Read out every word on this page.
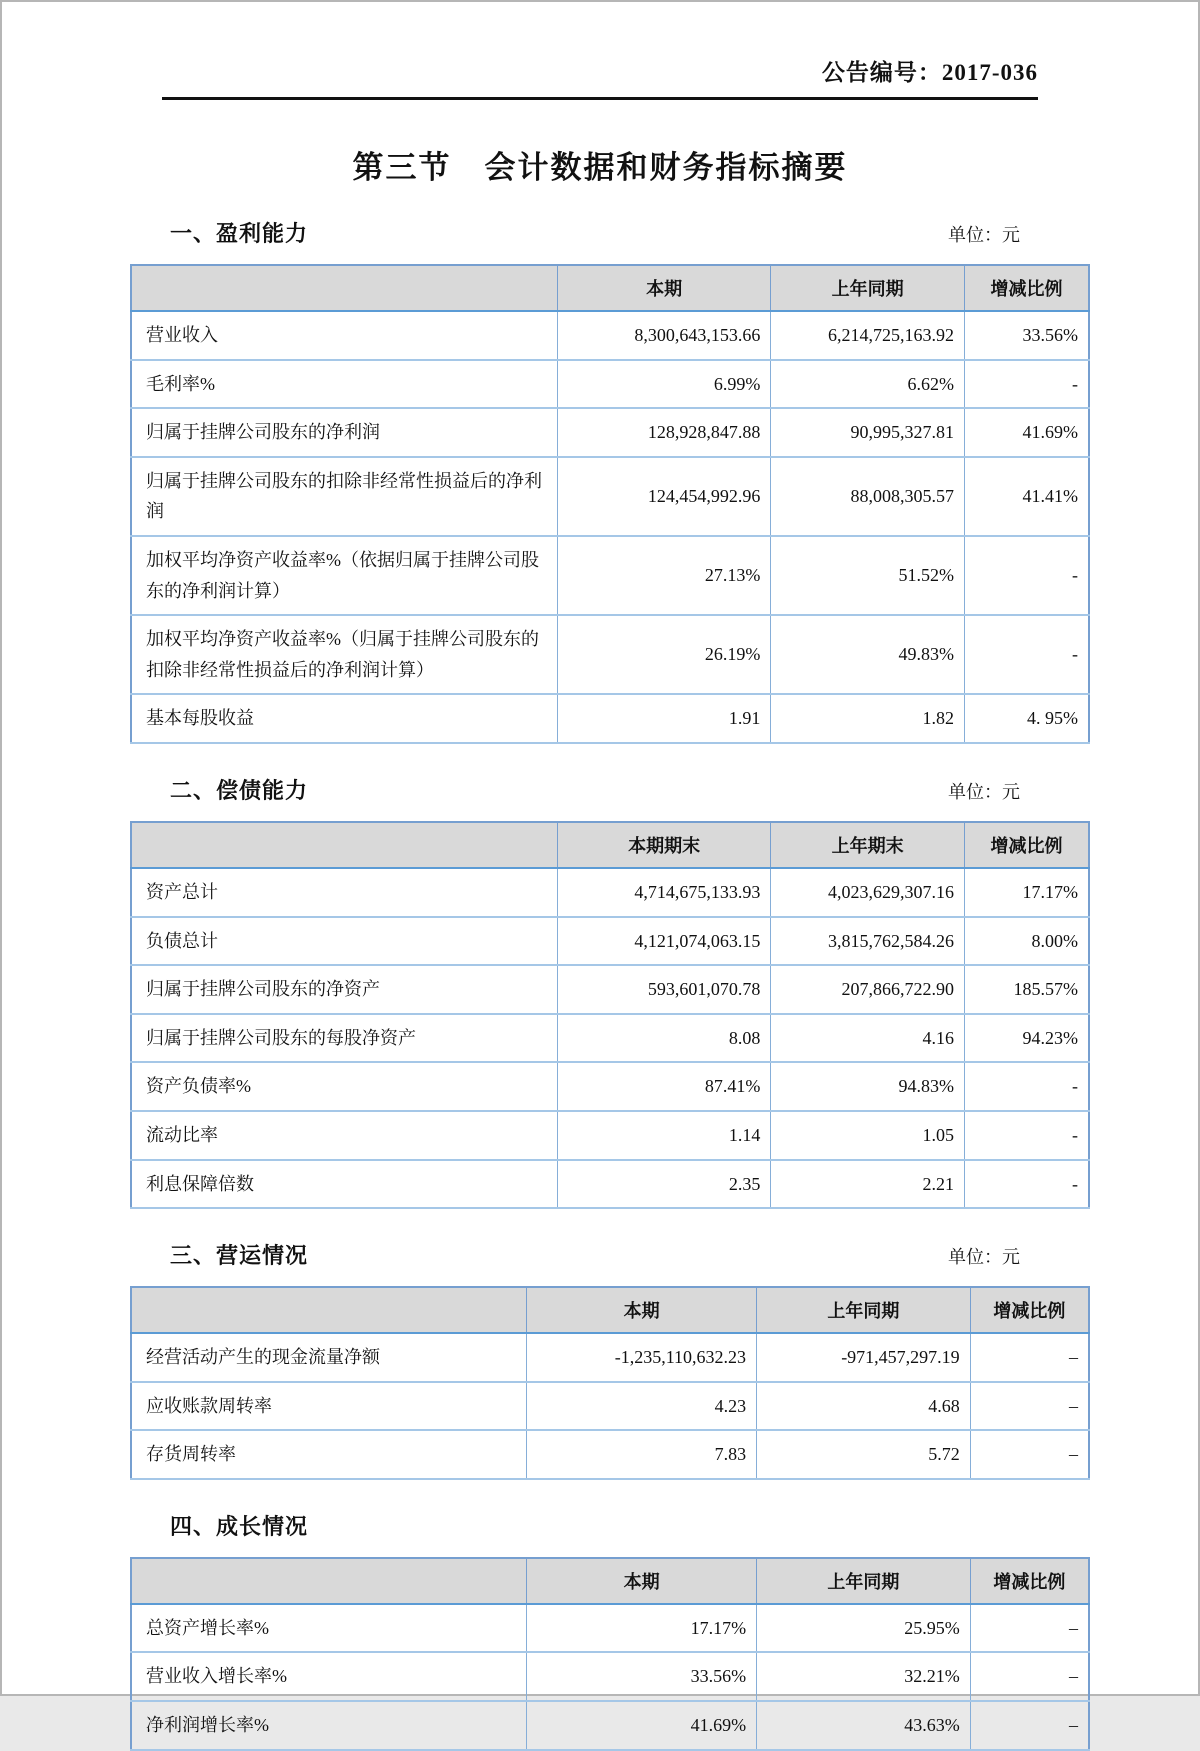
公告编号：2017-036
第三节　会计数据和财务指标摘要
一、盈利能力	单位：元
	本期	上年同期	增减比例
营业收入	8,300,643,153.66	6,214,725,163.92	33.56%
毛利率%	6.99%	6.62%	-
归属于挂牌公司股东的净利润	128,928,847.88	90,995,327.81	41.69%
归属于挂牌公司股东的扣除非经常性损益后的净利润	124,454,992.96	88,008,305.57	41.41%
加权平均净资产收益率%（依据归属于挂牌公司股东的净利润计算）	27.13%	51.52%	-
加权平均净资产收益率%（归属于挂牌公司股东的扣除非经常性损益后的净利润计算）	26.19%	49.83%	-
基本每股收益	1.91	1.82	4. 95%
二、偿债能力	单位：元
	本期期末	上年期末	增减比例
资产总计	4,714,675,133.93	4,023,629,307.16	17.17%
负债总计	4,121,074,063.15	3,815,762,584.26	8.00%
归属于挂牌公司股东的净资产	593,601,070.78	207,866,722.90	185.57%
归属于挂牌公司股东的每股净资产	8.08	4.16	94.23%
资产负债率%	87.41%	94.83%	-
流动比率	1.14	1.05	-
利息保障倍数	2.35	2.21	-
三、营运情况	单位：元
	本期	上年同期	增减比例
经营活动产生的现金流量净额	-1,235,110,632.23	-971,457,297.19	–
应收账款周转率	4.23	4.68	–
存货周转率	7.83	5.72	–
四、成长情况
	本期	上年同期	增减比例
总资产增长率%	17.17%	25.95%	–
营业收入增长率%	33.56%	32.21%	–
净利润增长率%	41.69%	43.63%	–
